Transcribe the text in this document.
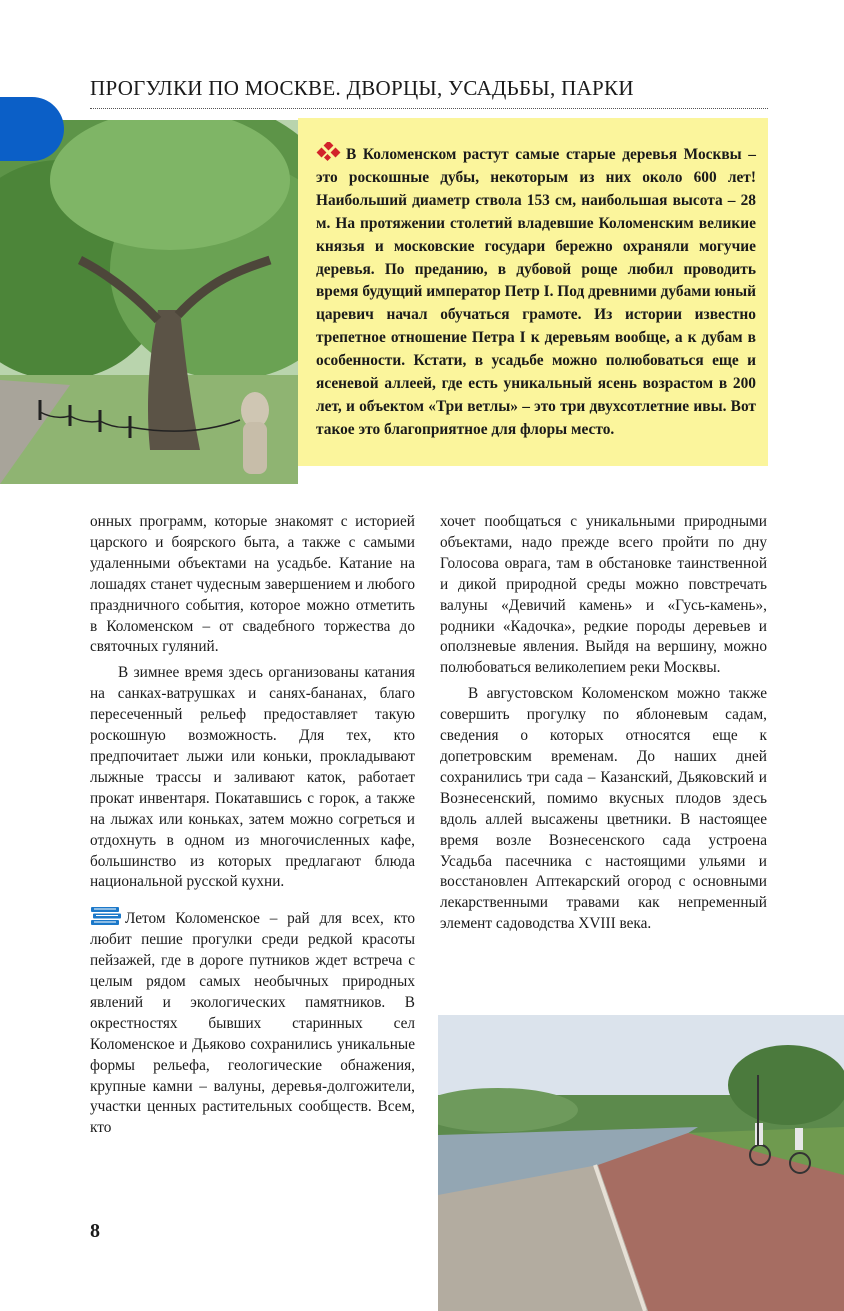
ПРОГУЛКИ ПО МОСКВЕ. ДВОРЦЫ, УСАДЬБЫ, ПАРКИ

В Коломенском растут самые старые деревья Москвы – это роскошные дубы, некоторым из них около 600 лет! Наибольший диаметр ствола 153 см, наибольшая высота – 28 м. На протяжении столетий владевшие Коломенским великие князья и московские государи бережно охраняли могучие деревья. По преданию, в дубовой роще любил проводить время будущий император Петр I. Под древними дубами юный царевич начал обучаться грамоте. Из истории известно трепетное отношение Петра I к деревьям вообще, а к дубам в особенности. Кстати, в усадьбе можно полюбоваться еще и ясеневой аллеей, где есть уникальный ясень возрастом в 200 лет, и объектом «Три ветлы» – это три двухсотлетние ивы. Вот такое это благоприятное для флоры место.

онных программ, которые знакомят с историей царского и боярского быта, а также с самыми удаленными объектами на усадьбе. Катание на лошадях станет чудесным завершением и любого праздничного события, которое можно отметить в Коломенском – от свадебного торжества до святочных гуляний.

В зимнее время здесь организованы катания на санках-ватрушках и санях-бананах, благо пересеченный рельеф предоставляет такую роскошную возможность. Для тех, кто предпочитает лыжи или коньки, прокладывают лыжные трассы и заливают каток, работает прокат инвентаря. Покатавшись с горок, а также на лыжах или коньках, затем можно согреться и отдохнуть в одном из многочисленных кафе, большинство из которых предлагают блюда национальной русской кухни.

Летом Коломенское – рай для всех, кто любит пешие прогулки среди редкой красоты пейзажей, где в дороге путников ждет встреча с целым рядом самых необычных природных явлений и экологических памятников. В окрестностях бывших старинных сел Коломенское и Дьяково сохранились уникальные формы рельефа, геологические обнажения, крупные камни – валуны, деревья-долгожители, участки ценных растительных сообществ. Всем, кто

хочет пообщаться с уникальными природными объектами, надо прежде всего пройти по дну Голосова оврага, там в обстановке таинственной и дикой природной среды можно повстречать валуны «Девичий камень» и «Гусь-камень», родники «Кадочка», редкие породы деревьев и оползневые явления. Выйдя на вершину, можно полюбоваться великолепием реки Москвы.

В августовском Коломенском можно также совершить прогулку по яблоневым садам, сведения о которых относятся еще к допетровским временам. До наших дней сохранились три сада – Казанский, Дьяковский и Вознесенский, помимо вкусных плодов здесь вдоль аллей высажены цветники. В настоящее время возле Вознесенского сада устроена Усадьба пасечника с настоящими ульями и восстановлен Аптекарский огород с основными лекарственными травами как непременный элемент садоводства XVIII века.

8
